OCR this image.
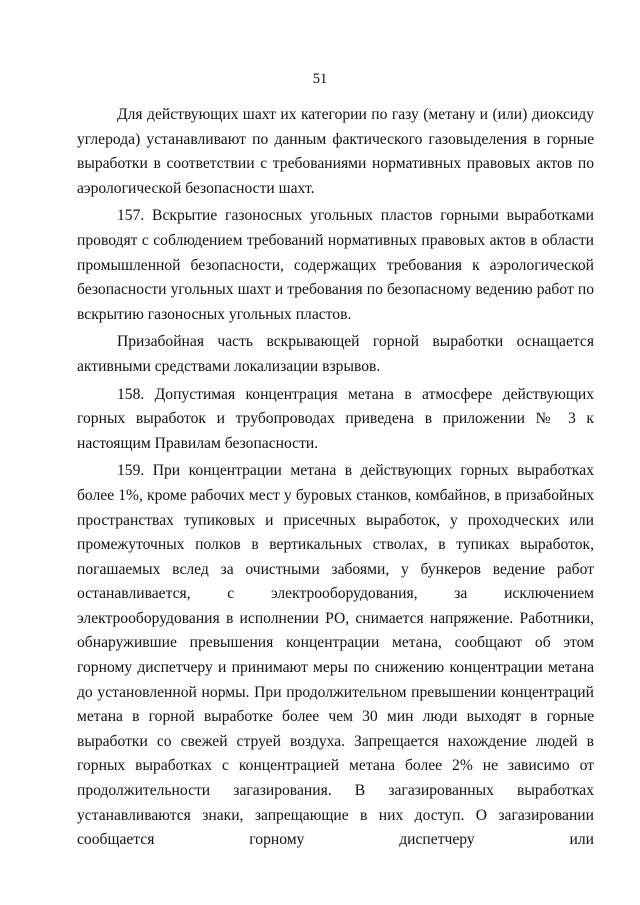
51

Для действующих шахт их категории по газу (метану и (или) диоксиду углерода) устанавливают по данным фактического газовыделения в горные выработки в соответствии с требованиями нормативных правовых актов по аэрологической безопасности шахт.

157. Вскрытие газоносных угольных пластов горными выработками проводят с соблюдением требований нормативных правовых актов в области промышленной безопасности, содержащих требования к аэрологической безопасности угольных шахт и требования по безопасному ведению работ по вскрытию газоносных угольных пластов.

Призабойная часть вскрывающей горной выработки оснащается активными средствами локализации взрывов.

158. Допустимая концентрация метана в атмосфере действующих горных выработок и трубопроводах приведена в приложении № 3 к настоящим Правилам безопасности.

159. При концентрации метана в действующих горных выработках более 1%, кроме рабочих мест у буровых станков, комбайнов, в призабойных пространствах тупиковых и присечных выработок, у проходческих или промежуточных полков в вертикальных стволах, в тупиках выработок, погашаемых вслед за очистными забоями, у бункеров ведение работ останавливается, с электрооборудования, за исключением электрооборудования в исполнении РО, снимается напряжение. Работники, обнаружившие превышения концентрации метана, сообщают об этом горному диспетчеру и принимают меры по снижению концентрации метана до установленной нормы. При продолжительном превышении концентраций метана в горной выработке более чем 30 мин люди выходят в горные выработки со свежей струей воздуха. Запрещается нахождение людей в горных выработках с концентрацией метана более 2% не зависимо от продолжительности загазирования. В загазированных выработках устанавливаются знаки, запрещающие в них доступ. О загазировании сообщается горному диспетчеру или
